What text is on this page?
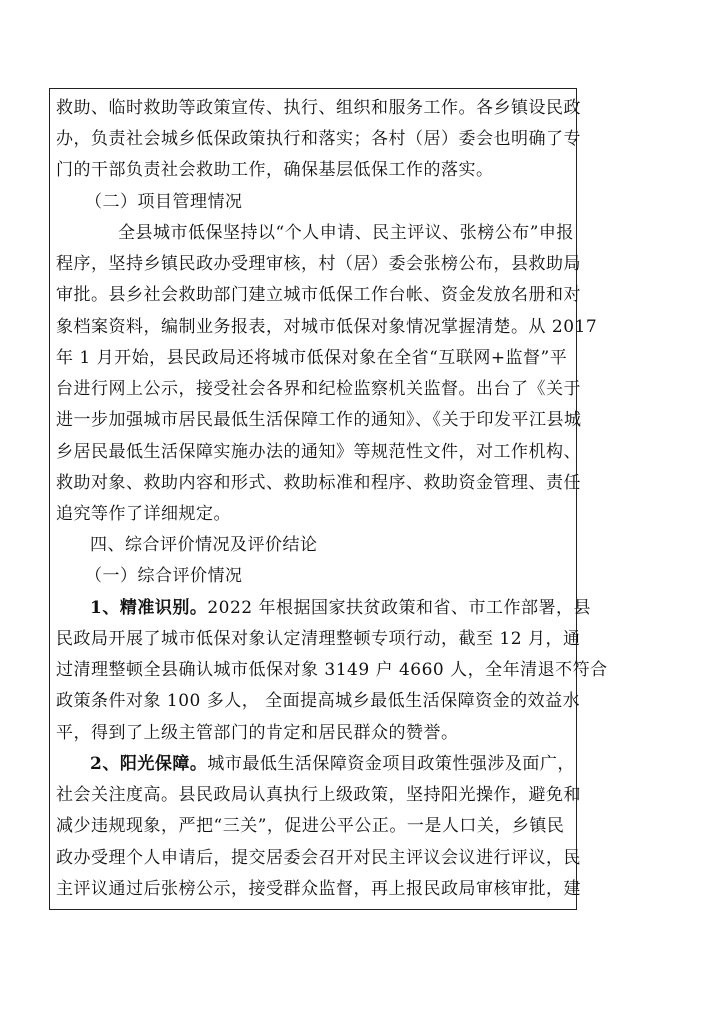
救助、临时救助等政策宣传、执行、组织和服务工作。各乡镇设民政
办，负责社会城乡低保政策执行和落实；各村（居）委会也明确了专
门的干部负责社会救助工作，确保基层低保工作的落实。
（二）项目管理情况
全县城市低保坚持以“个人申请、民主评议、张榜公布”申报
程序，坚持乡镇民政办受理审核，村（居）委会张榜公布，县救助局
审批。县乡社会救助部门建立城市低保工作台帐、资金发放名册和对
象档案资料，编制业务报表，对城市低保对象情况掌握清楚。从 2017
年 1 月开始，县民政局还将城市低保对象在全省“互联网+监督”平
台进行网上公示，接受社会各界和纪检监察机关监督。出台了《关于
进一步加强城市居民最低生活保障工作的通知》、《关于印发平江县城
乡居民最低生活保障实施办法的通知》等规范性文件，对工作机构、
救助对象、救助内容和形式、救助标准和程序、救助资金管理、责任
追究等作了详细规定。
四、综合评价情况及评价结论
（一）综合评价情况
1、精准识别。2022 年根据国家扶贫政策和省、市工作部署，县
民政局开展了城市低保对象认定清理整顿专项行动，截至 12 月，通
过清理整顿全县确认城市低保对象 3149 户 4660 人，全年清退不符合
政策条件对象 100 多人， 全面提高城乡最低生活保障资金的效益水
平，得到了上级主管部门的肯定和居民群众的赞誉。
2、阳光保障。城市最低生活保障资金项目政策性强涉及面广，
社会关注度高。县民政局认真执行上级政策，坚持阳光操作，避免和
减少违规现象，严把“三关”，促进公平公正。一是人口关，乡镇民
政办受理个人申请后，提交居委会召开对民主评议会议进行评议，民
主评议通过后张榜公示，接受群众监督，再上报民政局审核审批，建
